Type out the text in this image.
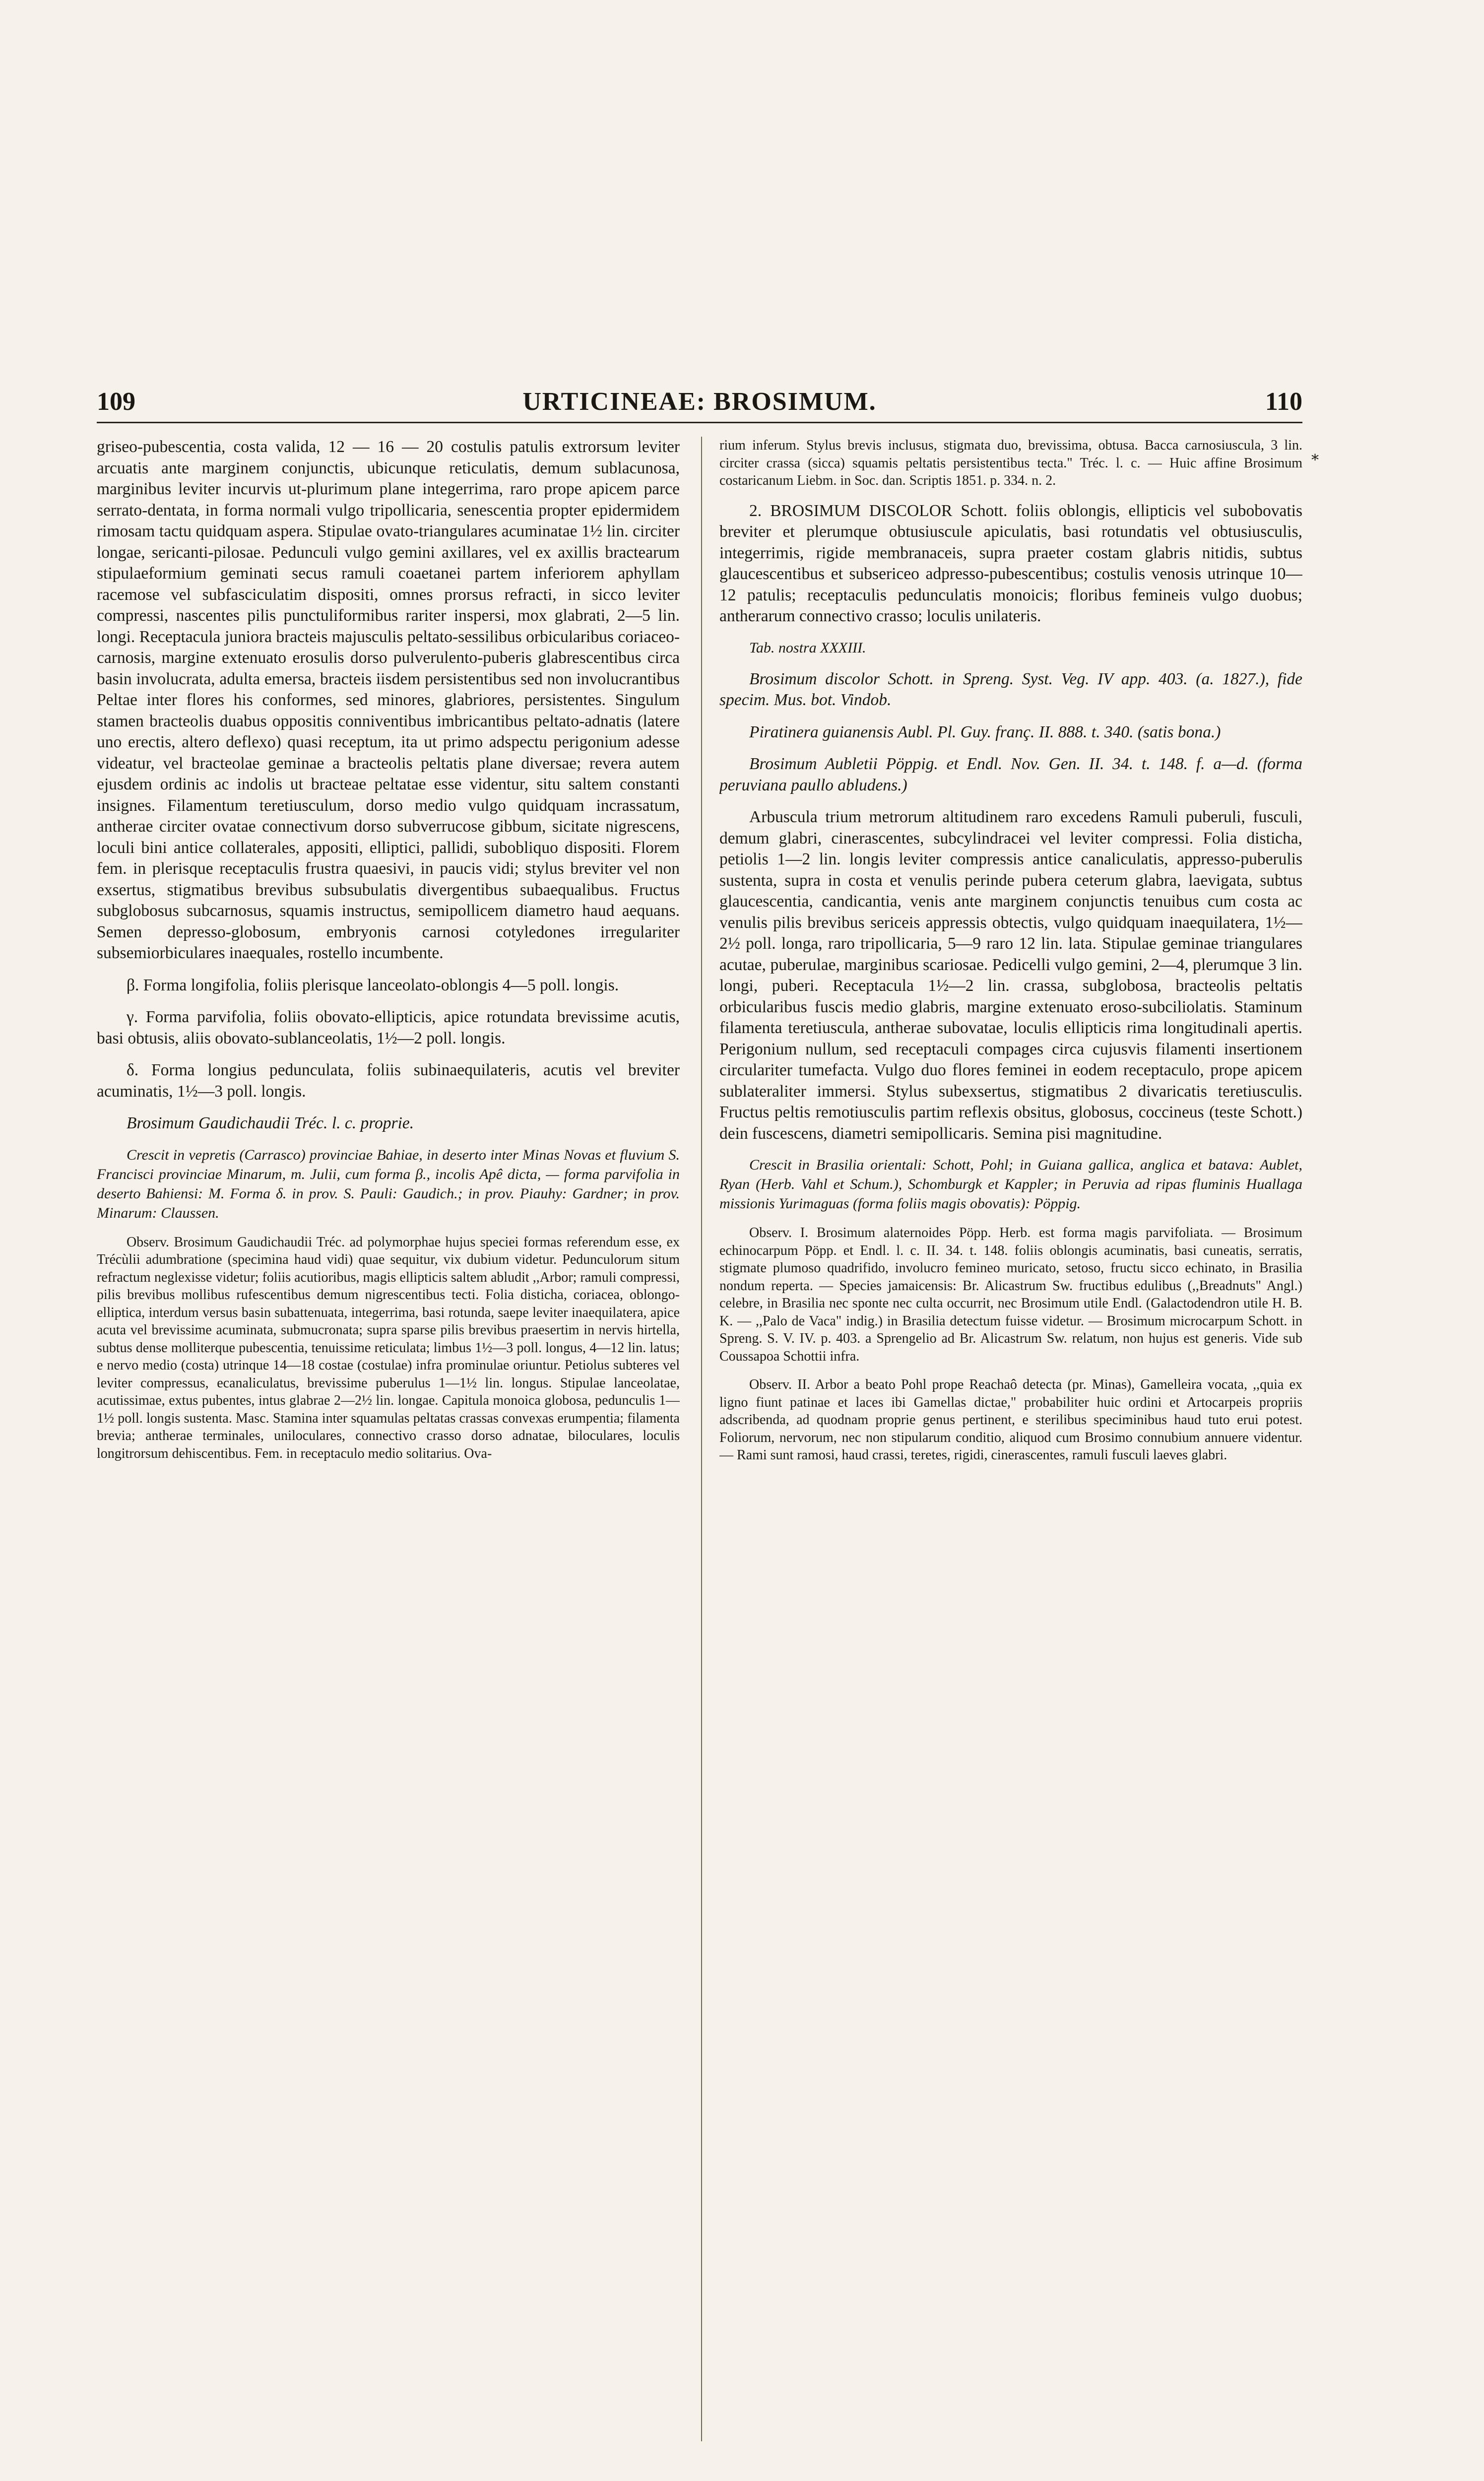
109	URTICINEAE: BROSIMUM.	110
*

griseo-pubescentia, costa valida, 12 — 16 — 20 costulis patulis extrorsum leviter arcuatis ante marginem conjunctis, ubicunque reticulatis, demum sublacunosa, marginibus leviter incurvis ut-plurimum plane integerrima, raro prope apicem parce serrato-dentata, in forma normali vulgo tripollicaria, senescentia propter epidermidem rimosam tactu quidquam aspera. Stipulae ovato-triangulares acuminatae 1½ lin. circiter longae, sericanti-pilosae. Pedunculi vulgo gemini axillares, vel ex axillis bractearum stipulaeformium geminati secus ramuli coaetanei partem inferiorem aphyllam racemose vel subfasciculatim dispositi, omnes prorsus refracti, in sicco leviter compressi, nascentes pilis punctuliformibus rariter inspersi, mox glabrati, 2—5 lin. longi. Receptacula juniora bracteis majusculis peltato-sessilibus orbicularibus coriaceo-carnosis, margine extenuato erosulis dorso pulverulento-puberis glabrescentibus circa basin involucrata, adulta emersa, bracteis iisdem persistentibus sed non involucrantibus Peltae inter flores his conformes, sed minores, glabriores, persistentes. Singulum stamen bracteolis duabus oppositis conniventibus imbricantibus peltato-adnatis (latere uno erectis, altero deflexo) quasi receptum, ita ut primo adspectu perigonium adesse videatur, vel bracteolae geminae a bracteolis peltatis plane diversae; revera autem ejusdem ordinis ac indolis ut bracteae peltatae esse videntur, situ saltem constanti insignes. Filamentum teretiusculum, dorso medio vulgo quidquam incrassatum, antherae circiter ovatae connectivum dorso subverrucose gibbum, sicitate nigrescens, loculi bini antice collaterales, appositi, elliptici, pallidi, subobliquo dispositi. Florem fem. in plerisque receptaculis frustra quaesivi, in paucis vidi; stylus breviter vel non exsertus, stigmatibus brevibus subsubulatis divergentibus subaequalibus. Fructus subglobosus subcarnosus, squamis instructus, semipollicem diametro haud aequans. Semen depresso-globosum, embryonis carnosi cotyledones irregulariter subsemiorbiculares inaequales, rostello incumbente.

β. Forma longifolia, foliis plerisque lanceolato-oblongis 4—5 poll. longis.

γ. Forma parvifolia, foliis obovato-ellipticis, apice rotundata brevissime acutis, basi obtusis, aliis obovato-sublanceolatis, 1½—2 poll. longis.

δ. Forma longius pedunculata, foliis subinaequilateris, acutis vel breviter acuminatis, 1½—3 poll. longis.

Brosimum Gaudichaudii Tréc. l. c. proprie.

Crescit in vepretis (Carrasco) provinciae Bahiae, in deserto inter Minas Novas et fluvium S. Francisci provinciae Minarum, m. Julii, cum forma β., incolis Apê dicta, — forma parvifolia in deserto Bahiensi: M. Forma δ. in prov. S. Pauli: Gaudich.; in prov. Piauhy: Gardner; in prov. Minarum: Claussen.

Observ. Brosimum Gaudichaudii Tréc. ad polymorphae hujus speciei formas referendum esse, ex Trécùlii adumbratione (specimina haud vidi) quae sequitur, vix dubium videtur. Pedunculorum situm refractum neglexisse videtur; foliis acutioribus, magis ellipticis saltem abludit ,,Arbor; ramuli compressi, pilis brevibus mollibus rufescentibus demum nigrescentibus tecti. Folia disticha, coriacea, oblongo-elliptica, interdum versus basin subattenuata, integerrima, basi rotunda, saepe leviter inaequilatera, apice acuta vel brevissime acuminata, submucronata; supra sparse pilis brevibus praesertim in nervis hirtella, subtus dense molliterque pubescentia, tenuissime reticulata; limbus 1½—3 poll. longus, 4—12 lin. latus; e nervo medio (costa) utrinque 14—18 costae (costulae) infra prominulae oriuntur. Petiolus subteres vel leviter compressus, ecanaliculatus, brevissime puberulus 1—1½ lin. longus. Stipulae lanceolatae, acutissimae, extus pubentes, intus glabrae 2—2½ lin. longae. Capitula monoica globosa, pedunculis 1—1½ poll. longis sustenta. Masc. Stamina inter squamulas peltatas crassas convexas erumpentia; filamenta brevia; antherae terminales, uniloculares, connectivo crasso dorso adnatae, biloculares, loculis longitrorsum dehiscentibus. Fem. in receptaculo medio solitarius. Ova-

rium inferum. Stylus brevis inclusus, stigmata duo, brevissima, obtusa. Bacca carnosiuscula, 3 lin. circiter crassa (sicca) squamis peltatis persistentibus tecta." Tréc. l. c. — Huic affine Brosimum costaricanum Liebm. in Soc. dan. Scriptis 1851. p. 334. n. 2.

2. BROSIMUM DISCOLOR Schott. foliis oblongis, ellipticis vel subobovatis breviter et plerumque obtusiuscule apiculatis, basi rotundatis vel obtusiusculis, integerrimis, rigide membranaceis, supra praeter costam glabris nitidis, subtus glaucescentibus et subsericeo adpresso-pubescentibus; costulis venosis utrinque 10—12 patulis; receptaculis pedunculatis monoicis; floribus femineis vulgo duobus; antherarum connectivo crasso; loculis unilateris.

Tab. nostra XXXIII.

Brosimum discolor Schott. in Spreng. Syst. Veg. IV app. 403. (a. 1827.), fide specim. Mus. bot. Vindob.

Piratinera guianensis Aubl. Pl. Guy. franç. II. 888. t. 340. (satis bona.)

Brosimum Aubletii Pöppig. et Endl. Nov. Gen. II. 34. t. 148. f. a—d. (forma peruviana paullo abludens.)

Arbuscula trium metrorum altitudinem raro excedens Ramuli puberuli, fusculi, demum glabri, cinerascentes, subcylindracei vel leviter compressi. Folia disticha, petiolis 1—2 lin. longis leviter compressis antice canaliculatis, appresso-puberulis sustenta, supra in costa et venulis perinde pubera ceterum glabra, laevigata, subtus glaucescentia, candicantia, venis ante marginem conjunctis tenuibus cum costa ac venulis pilis brevibus sericeis appressis obtectis, vulgo quidquam inaequilatera, 1½—2½ poll. longa, raro tripollicaria, 5—9 raro 12 lin. lata. Stipulae geminae triangulares acutae, puberulae, marginibus scariosae. Pedicelli vulgo gemini, 2—4, plerumque 3 lin. longi, puberi. Receptacula 1½—2 lin. crassa, subglobosa, bracteolis peltatis orbicularibus fuscis medio glabris, margine extenuato eroso-subciliolatis. Staminum filamenta teretiuscula, antherae subovatae, loculis ellipticis rima longitudinali apertis. Perigonium nullum, sed receptaculi compages circa cujusvis filamenti insertionem circulariter tumefacta. Vulgo duo flores feminei in eodem receptaculo, prope apicem sublateraliter immersi. Stylus subexsertus, stigmatibus 2 divaricatis teretiusculis. Fructus peltis remotiusculis partim reflexis obsitus, globosus, coccineus (teste Schott.) dein fuscescens, diametri semipollicaris. Semina pisi magnitudine.

Crescit in Brasilia orientali: Schott, Pohl; in Guiana gallica, anglica et batava: Aublet, Ryan (Herb. Vahl et Schum.), Schomburgk et Kappler; in Peruvia ad ripas fluminis Huallaga missionis Yurimaguas (forma foliis magis obovatis): Pöppig.

Observ. I. Brosimum alaternoides Pöpp. Herb. est forma magis parvifoliata. — Brosimum echinocarpum Pöpp. et Endl. l. c. II. 34. t. 148. foliis oblongis acuminatis, basi cuneatis, serratis, stigmate plumoso quadrifido, involucro femineo muricato, setoso, fructu sicco echinato, in Brasilia nondum reperta. — Species jamaicensis: Br. Alicastrum Sw. fructibus edulibus (,,Breadnuts" Angl.) celebre, in Brasilia nec sponte nec culta occurrit, nec Brosimum utile Endl. (Galactodendron utile H. B. K. — ,,Palo de Vaca" indig.) in Brasilia detectum fuisse videtur. — Brosimum microcarpum Schott. in Spreng. S. V. IV. p. 403. a Sprengelio ad Br. Alicastrum Sw. relatum, non hujus est generis. Vide sub Coussapoa Schottii infra.

Observ. II. Arbor a beato Pohl prope Reachaô detecta (pr. Minas), Gamelleira vocata, ,,quia ex ligno fiunt patinae et laces ibi Gamellas dictae," probabiliter huic ordini et Artocarpeis propriis adscribenda, ad quodnam proprie genus pertinent, e sterilibus speciminibus haud tuto erui potest. Foliorum, nervorum, nec non stipularum conditio, aliquod cum Brosimo connubium annuere videntur. — Rami sunt ramosi, haud crassi, teretes, rigidi, cinerascentes, ramuli fusculi laeves glabri.
